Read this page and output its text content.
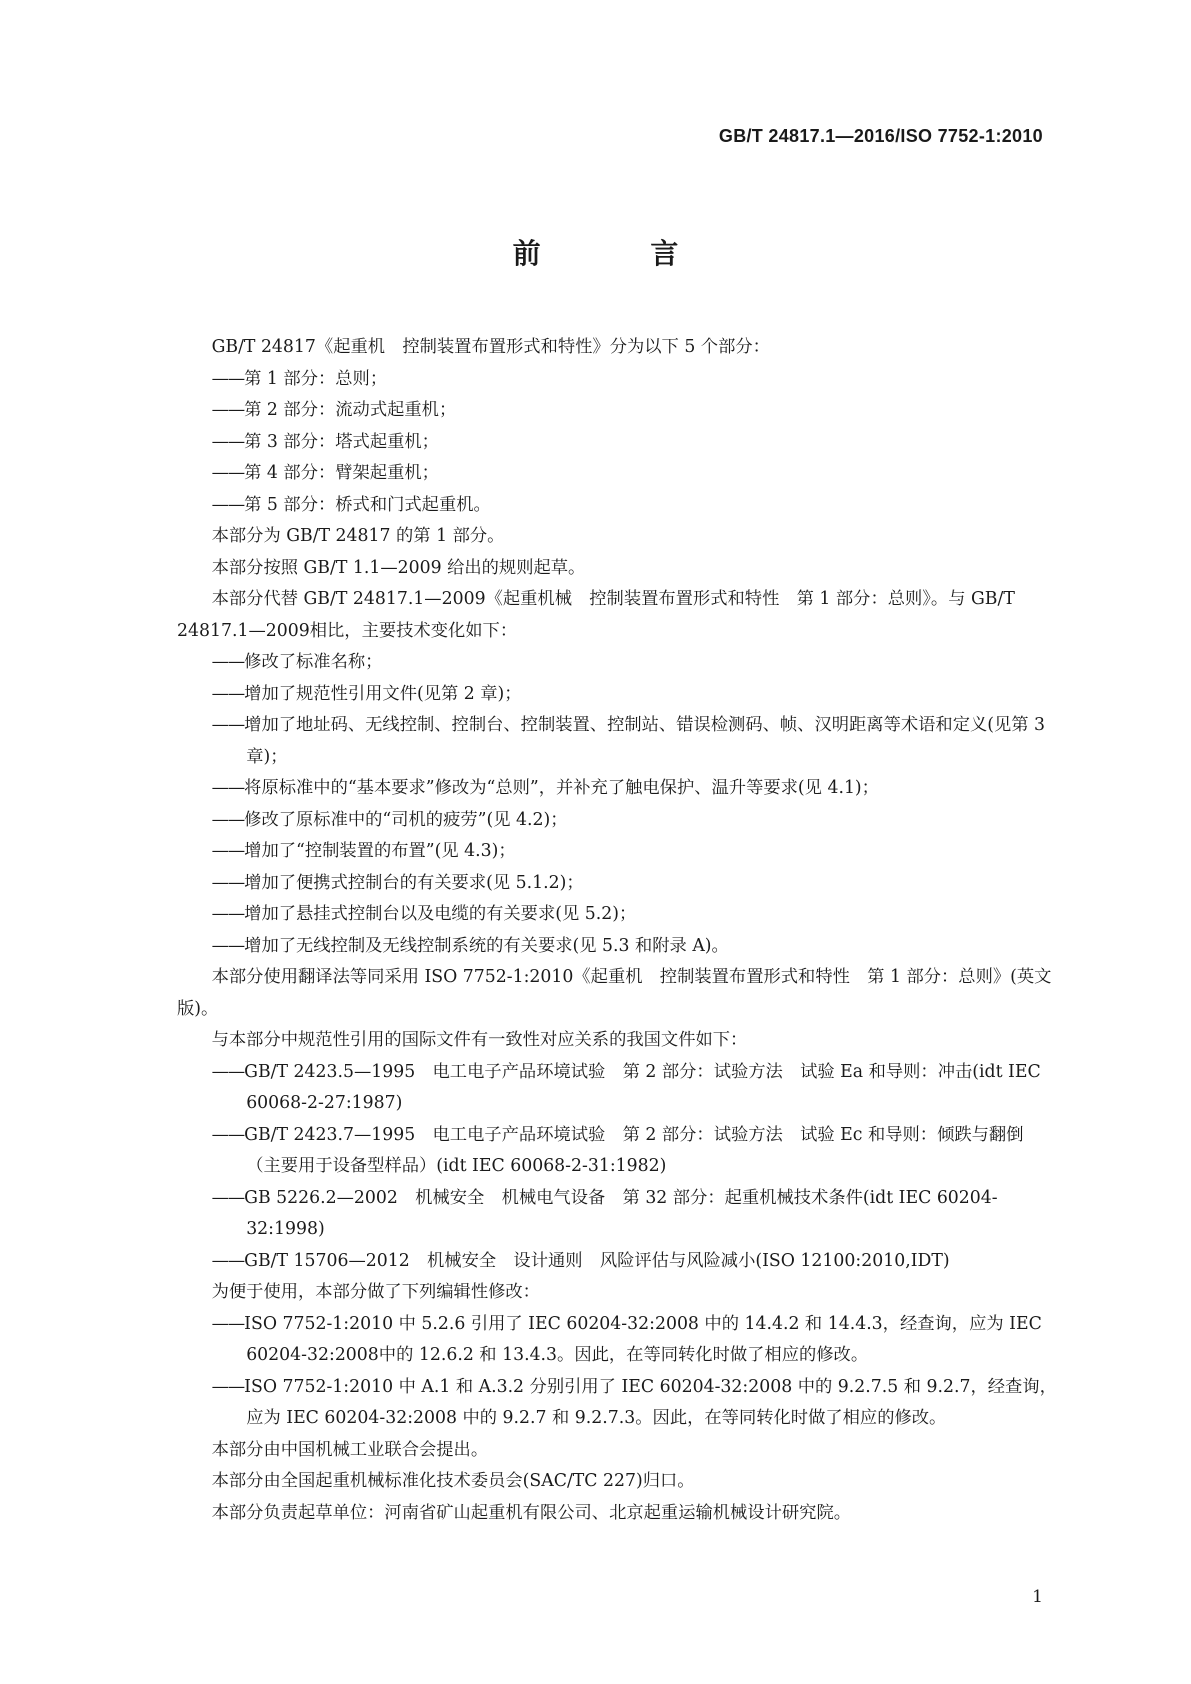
GB/T 24817.1—2016/ISO 7752-1:2010
前 言

GB/T 24817《起重机　控制装置布置形式和特性》分为以下 5 个部分：

——第 1 部分：总则；

——第 2 部分：流动式起重机；

——第 3 部分：塔式起重机；

——第 4 部分：臂架起重机；

——第 5 部分：桥式和门式起重机。

本部分为 GB/T 24817 的第 1 部分。

本部分按照 GB/T 1.1—2009 给出的规则起草。

本部分代替 GB/T 24817.1—2009《起重机械　控制装置布置形式和特性　第 1 部分：总则》。与 GB/T 24817.1—2009相比，主要技术变化如下：

——修改了标准名称；

——增加了规范性引用文件(见第 2 章)；

——增加了地址码、无线控制、控制台、控制装置、控制站、错误检测码、帧、汉明距离等术语和定义(见第 3 章)；

——将原标准中的“基本要求”修改为“总则”，并补充了触电保护、温升等要求(见 4.1)；

——修改了原标准中的“司机的疲劳”(见 4.2)；

——增加了“控制装置的布置”(见 4.3)；

——增加了便携式控制台的有关要求(见 5.1.2)；

——增加了悬挂式控制台以及电缆的有关要求(见 5.2)；

——增加了无线控制及无线控制系统的有关要求(见 5.3 和附录 A)。

本部分使用翻译法等同采用 ISO 7752-1:2010《起重机　控制装置布置形式和特性　第 1 部分：总则》(英文版)。

与本部分中规范性引用的国际文件有一致性对应关系的我国文件如下：

——GB/T 2423.5—1995　电工电子产品环境试验　第 2 部分：试验方法　试验 Ea 和导则：冲击(idt IEC 60068-2-27:1987)

——GB/T 2423.7—1995　电工电子产品环境试验　第 2 部分：试验方法　试验 Ec 和导则：倾跌与翻倒（主要用于设备型样品）(idt IEC 60068-2-31:1982)

——GB 5226.2—2002　机械安全　机械电气设备　第 32 部分：起重机械技术条件(idt IEC 60204-32:1998)

——GB/T 15706—2012　机械安全　设计通则　风险评估与风险减小(ISO 12100:2010,IDT)

为便于使用，本部分做了下列编辑性修改：

——ISO 7752-1:2010 中 5.2.6 引用了 IEC 60204-32:2008 中的 14.4.2 和 14.4.3，经查询，应为 IEC 60204-32:2008中的 12.6.2 和 13.4.3。因此，在等同转化时做了相应的修改。

——ISO 7752-1:2010 中 A.1 和 A.3.2 分别引用了 IEC 60204-32:2008 中的 9.2.7.5 和 9.2.7，经查询，应为 IEC 60204-32:2008 中的 9.2.7 和 9.2.7.3。因此，在等同转化时做了相应的修改。

本部分由中国机械工业联合会提出。

本部分由全国起重机械标准化技术委员会(SAC/TC 227)归口。

本部分负责起草单位：河南省矿山起重机有限公司、北京起重运输机械设计研究院。

1
